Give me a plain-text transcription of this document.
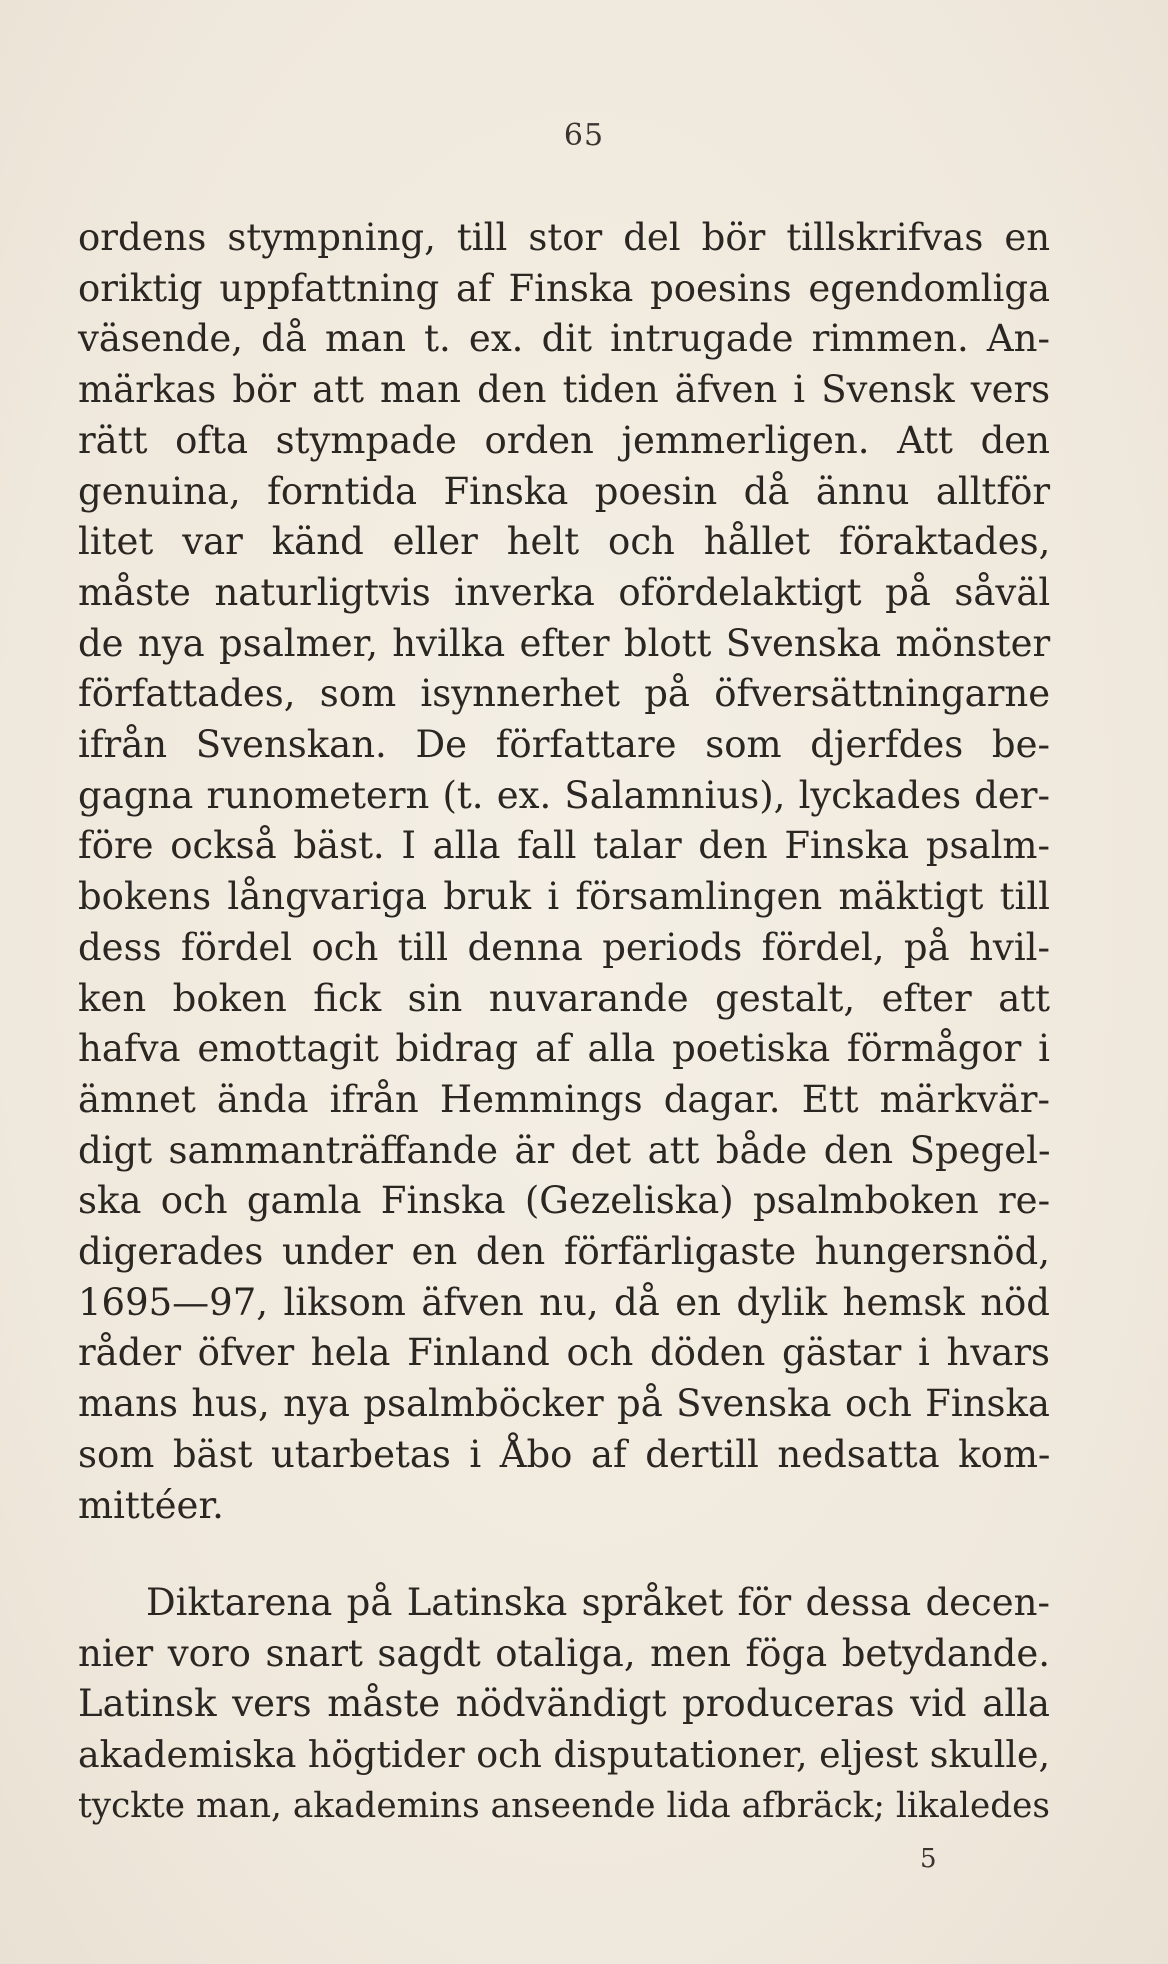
65
ordens stympning, till stor del bör tillskrifvas en
oriktig uppfattning af Finska poesins egendomliga
väsende, då man t. ex. dit intrugade rimmen. An-
märkas bör att man den tiden äfven i Svensk vers
rätt ofta stympade orden jemmerligen. Att den
genuina, forntida Finska poesin då ännu alltför
litet var känd eller helt och hållet föraktades,
måste naturligtvis inverka ofördelaktigt på såväl
de nya psalmer, hvilka efter blott Svenska mönster
författades, som isynnerhet på öfversättningarne
ifrån Svenskan. De författare som djerfdes be-
gagna runometern (t. ex. Salamnius), lyckades der-
före också bäst. I alla fall talar den Finska psalm-
bokens långvariga bruk i församlingen mäktigt till
dess fördel och till denna periods fördel, på hvil-
ken boken fick sin nuvarande gestalt, efter att
hafva emottagit bidrag af alla poetiska förmågor i
ämnet ända ifrån Hemmings dagar. Ett märkvär-
digt sammanträffande är det att både den Spegel-
ska och gamla Finska (Gezeliska) psalmboken re-
digerades under en den förfärligaste hungersnöd,
1695—97, liksom äfven nu, då en dylik hemsk nöd
råder öfver hela Finland och döden gästar i hvars
mans hus, nya psalmböcker på Svenska och Finska
som bäst utarbetas i Åbo af dertill nedsatta kom-
mittéer.
Diktarena på Latinska språket för dessa decen-
nier voro snart sagdt otaliga, men föga betydande.
Latinsk vers måste nödvändigt produceras vid alla
akademiska högtider och disputationer, eljest skulle,
tyckte man, akademins anseende lida afbräck; likaledes
5
